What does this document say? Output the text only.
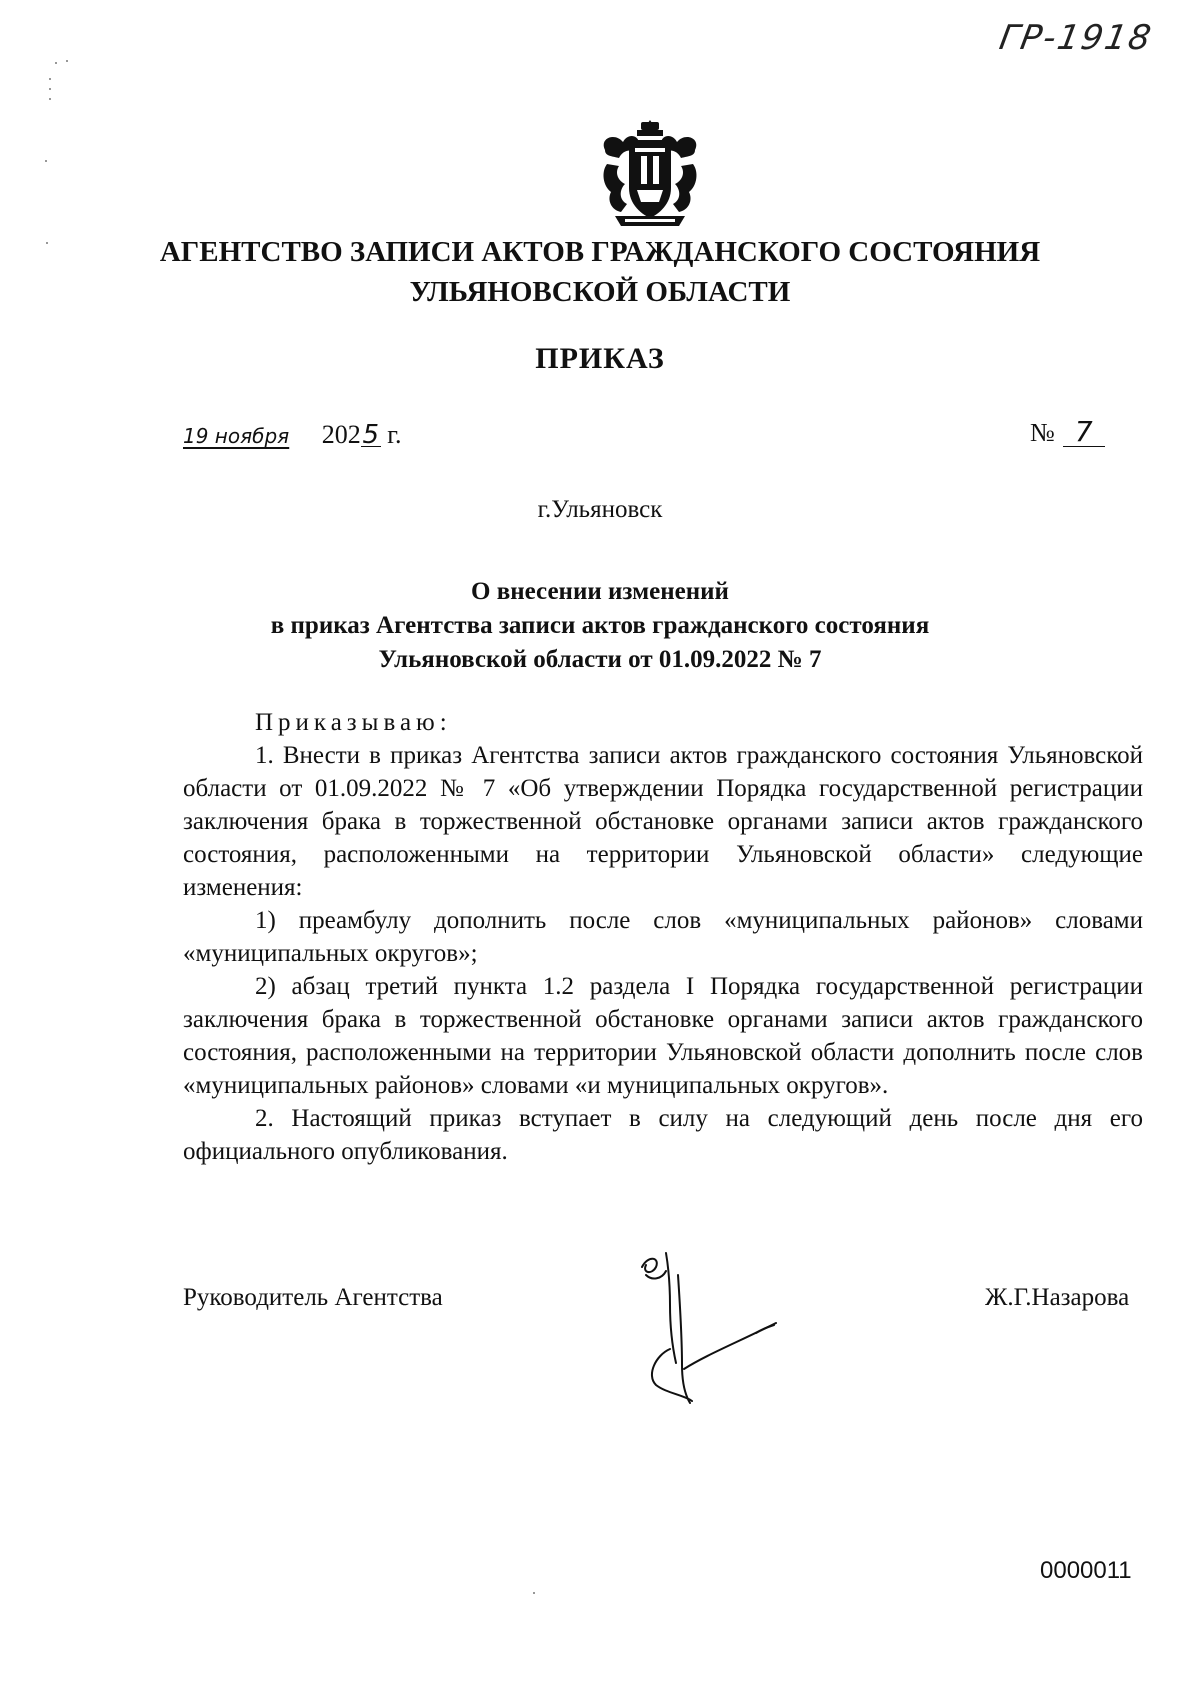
ГР-1918
АГЕНТСТВО ЗАПИСИ АКТОВ ГРАЖДАНСКОГО СОСТОЯНИЯ
УЛЬЯНОВСКОЙ ОБЛАСТИ
ПРИКАЗ
19 ноября 2025 г.	№ 7
г.Ульяновск
О внесении изменений
в приказ Агентства записи актов гражданского состояния
Ульяновской области от 01.09.2022 № 7

Приказываю:

1. Внести в приказ Агентства записи актов гражданского состояния Ульяновской области от 01.09.2022 № 7 «Об утверждении Порядка государственной регистрации заключения брака в торжественной обстановке органами записи актов гражданского состояния, расположенными на территории Ульяновской области» следующие изменения:

1) преамбулу дополнить после слов «муниципальных районов» словами «муниципальных округов»;

2) абзац третий пункта 1.2 раздела I Порядка государственной регистрации заключения брака в торжественной обстановке органами записи актов гражданского состояния, расположенными на территории Ульяновской области дополнить после слов «муниципальных районов» словами «и муниципальных округов».

2. Настоящий приказ вступает в силу на следующий день после дня его официального опубликования.

Руководитель Агентства	Ж.Г.Назарова
0000011
